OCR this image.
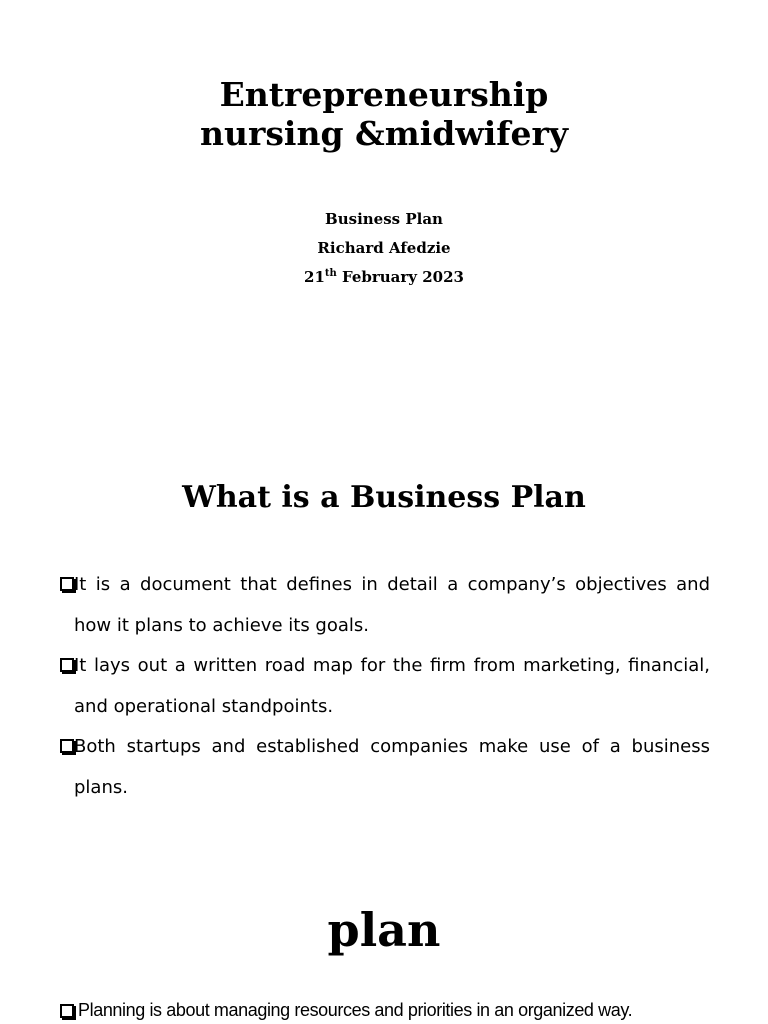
Entrepreneurship
nursing &midwifery
Business Plan
Richard Afedzie
21th February 2023
What is a Business Plan
It is a document that defines in detail a company’s objectives and how it plans to achieve its goals.
It lays out a written road map for the firm from marketing, financial, and operational standpoints.
Both startups and established companies make use of a business plans.
plan
Planning is about managing resources and priorities in an organized way.
